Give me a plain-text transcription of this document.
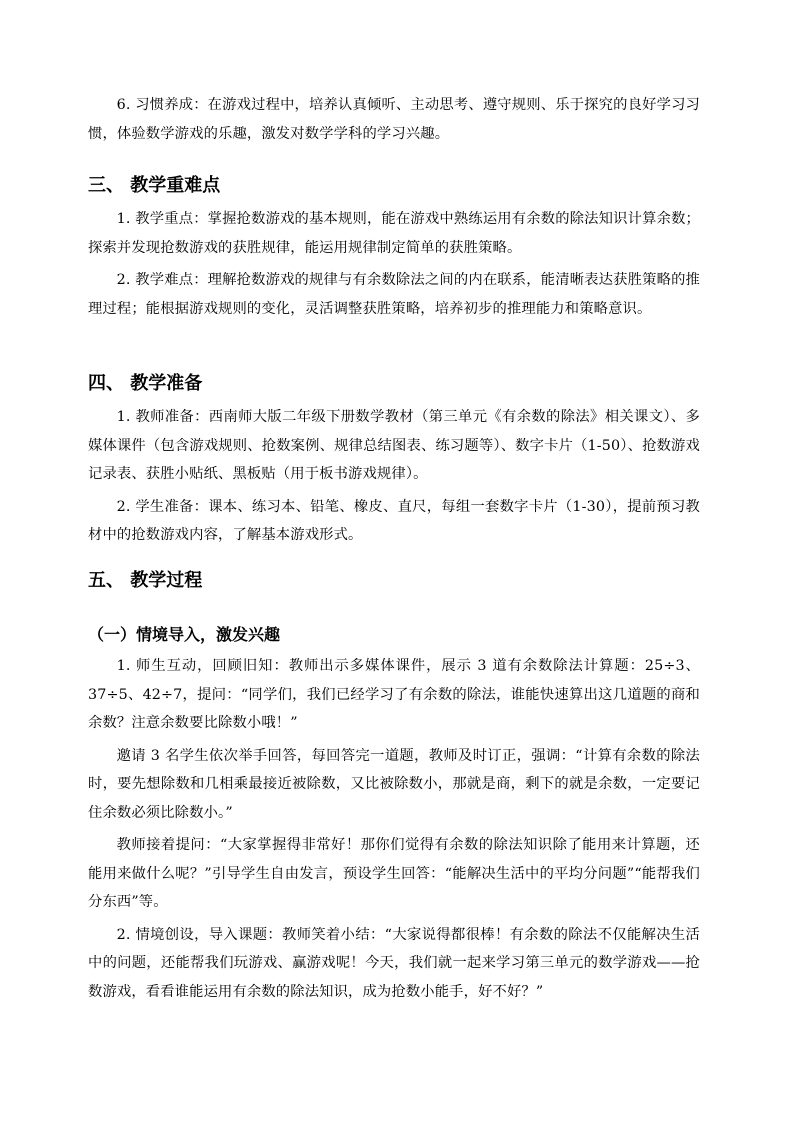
6. 习惯养成：在游戏过程中，培养认真倾听、主动思考、遵守规则、乐于探究的良好学习习惯，体验数学游戏的乐趣，激发对数学学科的学习兴趣。

三、 教学重难点

1. 教学重点：掌握抢数游戏的基本规则，能在游戏中熟练运用有余数的除法知识计算余数；探索并发现抢数游戏的获胜规律，能运用规律制定简单的获胜策略。

2. 教学难点：理解抢数游戏的规律与有余数除法之间的内在联系，能清晰表达获胜策略的推理过程；能根据游戏规则的变化，灵活调整获胜策略，培养初步的推理能力和策略意识。

四、 教学准备

1. 教师准备：西南师大版二年级下册数学教材（第三单元《有余数的除法》相关课文）、多媒体课件（包含游戏规则、抢数案例、规律总结图表、练习题等）、数字卡片（1-50）、抢数游戏记录表、获胜小贴纸、黑板贴（用于板书游戏规律）。

2. 学生准备：课本、练习本、铅笔、橡皮、直尺，每组一套数字卡片（1-30），提前预习教材中的抢数游戏内容，了解基本游戏形式。

五、 教学过程
（一）情境导入，激发兴趣

1. 师生互动，回顾旧知：教师出示多媒体课件，展示 3 道有余数除法计算题：25÷3、37÷5、42÷7，提问：“同学们，我们已经学习了有余数的除法，谁能快速算出这几道题的商和余数？注意余数要比除数小哦！”

邀请 3 名学生依次举手回答，每回答完一道题，教师及时订正，强调：“计算有余数的除法时，要先想除数和几相乘最接近被除数，又比被除数小，那就是商，剩下的就是余数，一定要记住余数必须比除数小。”

教师接着提问：“大家掌握得非常好！那你们觉得有余数的除法知识除了能用来计算题，还能用来做什么呢？”引导学生自由发言，预设学生回答：“能解决生活中的平均分问题”“能帮我们分东西”等。

2. 情境创设，导入课题：教师笑着小结：“大家说得都很棒！有余数的除法不仅能解决生活中的问题，还能帮我们玩游戏、赢游戏呢！今天，我们就一起来学习第三单元的数学游戏——抢数游戏，看看谁能运用有余数的除法知识，成为抢数小能手，好不好？”
